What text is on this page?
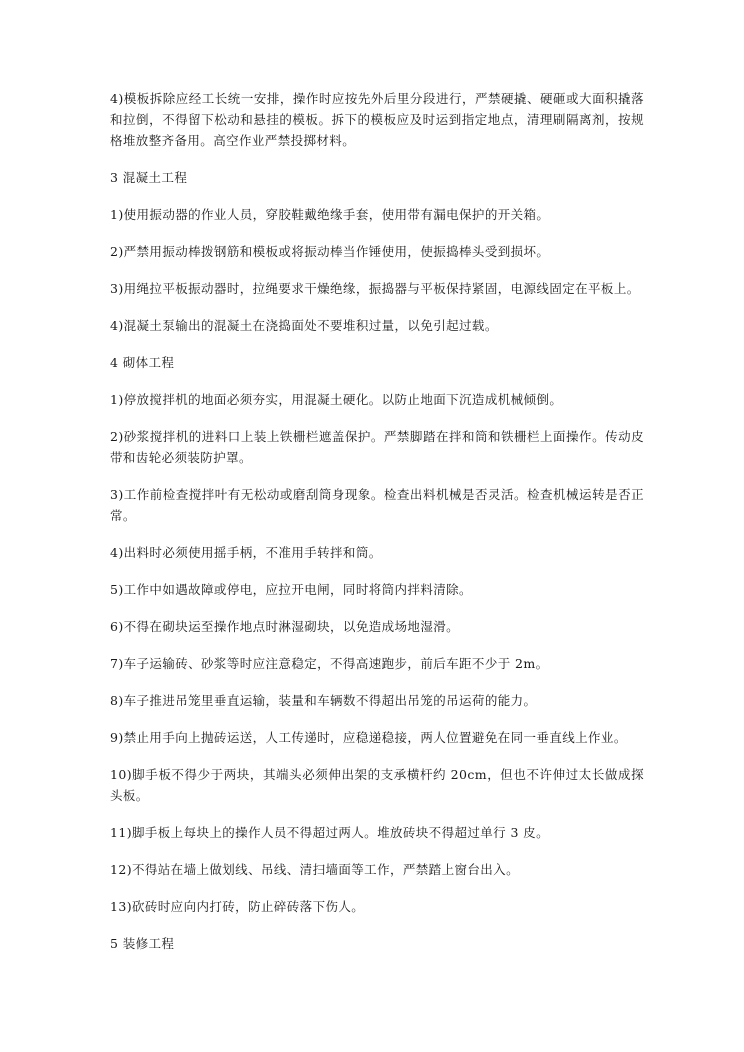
4)模板拆除应经工长统一安排，操作时应按先外后里分段进行，严禁硬撬、硬砸或大面积撬落和拉倒，不得留下松动和悬挂的模板。拆下的模板应及时运到指定地点，清理刷隔离剂，按规格堆放整齐备用。高空作业严禁投掷材料。

3 混凝土工程

1)使用振动器的作业人员，穿胶鞋戴绝缘手套，使用带有漏电保护的开关箱。

2)严禁用振动棒拨钢筋和模板或将振动棒当作锤使用，使振捣棒头受到损坏。

3)用绳拉平板振动器时，拉绳要求干燥绝缘，振捣器与平板保持紧固，电源线固定在平板上。

4)混凝土泵输出的混凝土在浇捣面处不要堆积过量，以免引起过载。

4 砌体工程

1)停放搅拌机的地面必须夯实，用混凝土硬化。以防止地面下沉造成机械倾倒。

2)砂浆搅拌机的进料口上装上铁栅栏遮盖保护。严禁脚踏在拌和筒和铁栅栏上面操作。传动皮带和齿轮必须装防护罩。

3)工作前检查搅拌叶有无松动或磨刮筒身现象。检查出料机械是否灵活。检查机械运转是否正常。

4)出料时必须使用摇手柄，不准用手转拌和筒。

5)工作中如遇故障或停电，应拉开电闸，同时将筒内拌料清除。

6)不得在砌块运至操作地点时淋湿砌块，以免造成场地湿滑。

7)车子运输砖、砂浆等时应注意稳定，不得高速跑步，前后车距不少于 2m。

8)车子推进吊笼里垂直运输，装量和车辆数不得超出吊笼的吊运荷的能力。

9)禁止用手向上抛砖运送，人工传递时，应稳递稳接，两人位置避免在同一垂直线上作业。

10)脚手板不得少于两块，其端头必须伸出架的支承横杆约 20cm，但也不许伸过太长做成探头板。

11)脚手板上每块上的操作人员不得超过两人。堆放砖块不得超过单行 3 皮。

12)不得站在墙上做划线、吊线、清扫墙面等工作，严禁踏上窗台出入。

13)砍砖时应向内打砖，防止碎砖落下伤人。

5 装修工程
